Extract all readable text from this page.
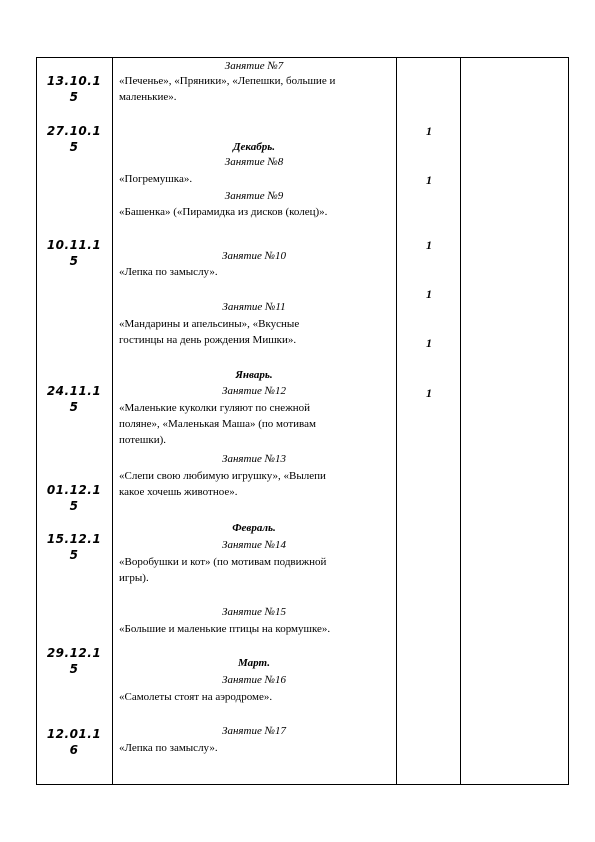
13.10.1
5
27.10.1
5
10.11.1
5
24.11.1
5
01.12.1
5
15.12.1
5
29.12.1
5
12.01.1
6
Занятие №7
«Печенье», «Пряники», «Лепешки, большие и
маленькие».
Декабрь.
Занятие №8
«Погремушка».
Занятие №9
«Башенка» («Пирамидка из дисков (колец)».
Занятие №10
«Лепка по замыслу».
Занятие №11
«Мандарины и апельсины», «Вкусные
гостинцы на день рождения Мишки».
Январь.
Занятие №12
«Маленькие куколки гуляют по снежной
поляне», «Маленькая Маша» (по мотивам
потешки).
Занятие №13
«Слепи свою любимую игрушку», «Вылепи
какое хочешь животное».
Февраль.
Занятие №14
«Воробушки и кот» (по мотивам подвижной
игры).
Занятие №15
«Большие и маленькие птицы на кормушке».
Март.
Занятие №16
«Самолеты стоят на аэродроме».
Занятие №17
«Лепка по замыслу».
1
1
1
1
1
1
